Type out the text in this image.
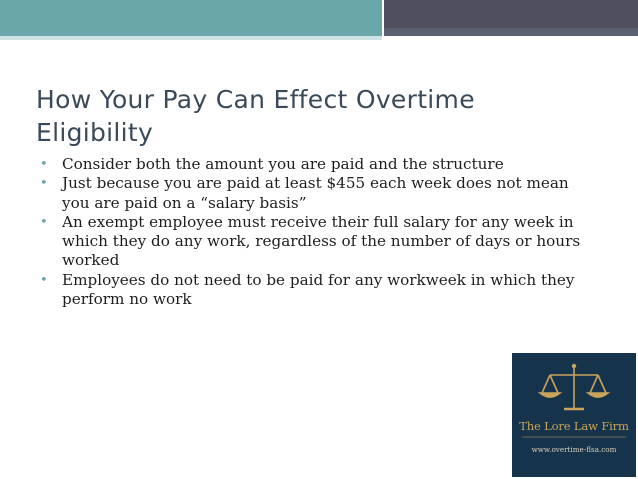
How Your Pay Can Effect Overtime
Eligibility
• Consider both the amount you are paid and the structure
• Just because you are paid at least $455 each week does not mean you are paid on a “salary basis”
• An exempt employee must receive their full salary for any week in which they do any work, regardless of the number of days or hours worked
• Employees do not need to be paid for any workweek in which they perform no work
The Lore Law Firm
www.overtime-flsa.com
